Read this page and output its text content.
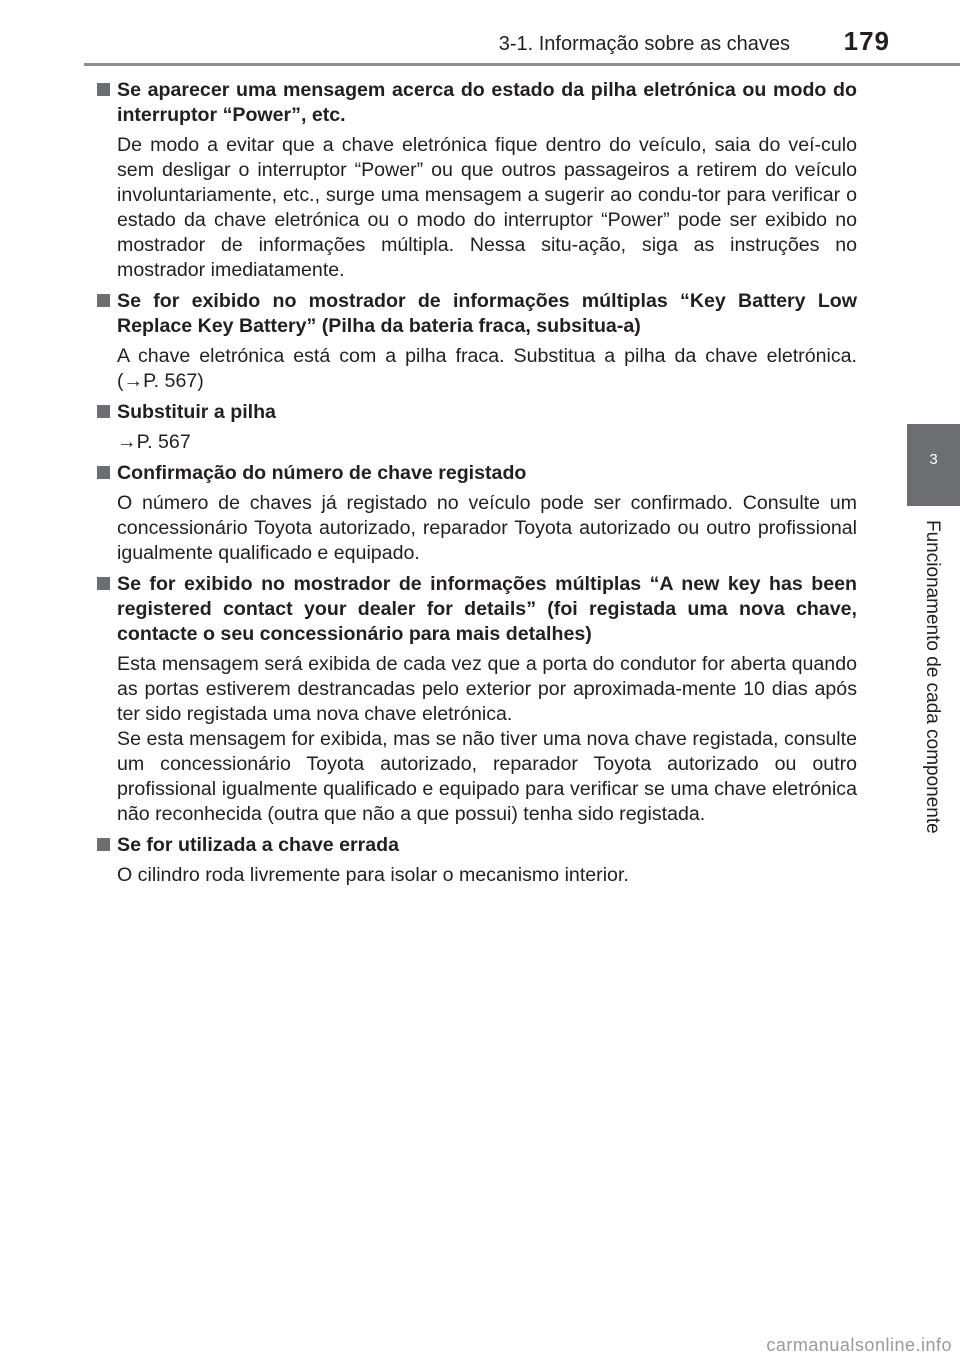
3-1. Informação sobre as chaves 179
3
Funcionamento de cada componente
Se aparecer uma mensagem acerca do estado da pilha eletrónica ou modo do interruptor “Power”, etc.

De modo a evitar que a chave eletrónica fique dentro do veículo, saia do veí-culo sem desligar o interruptor “Power” ou que outros passageiros a retirem do veículo involuntariamente, etc., surge uma mensagem a sugerir ao condu-tor para verificar o estado da chave eletrónica ou o modo do interruptor “Power” pode ser exibido no mostrador de informações múltipla. Nessa situ-ação, siga as instruções no mostrador imediatamente.

Se for exibido no mostrador de informações múltiplas “Key Battery Low Replace Key Battery” (Pilha da bateria fraca, subsitua-a)

A chave eletrónica está com a pilha fraca. Substitua a pilha da chave eletrónica. (→P. 567)

Substituir a pilha

→P. 567

Confirmação do número de chave registado

O número de chaves já registado no veículo pode ser confirmado. Consulte um concessionário Toyota autorizado, reparador Toyota autorizado ou outro profissional igualmente qualificado e equipado.

Se for exibido no mostrador de informações múltiplas “A new key has been registered contact your dealer for details” (foi registada uma nova chave, contacte o seu concessionário para mais detalhes)

Esta mensagem será exibida de cada vez que a porta do condutor for aberta quando as portas estiverem destrancadas pelo exterior por aproximada-mente 10 dias após ter sido registada uma nova chave eletrónica.

Se esta mensagem for exibida, mas se não tiver uma nova chave registada, consulte um concessionário Toyota autorizado, reparador Toyota autorizado ou outro profissional igualmente qualificado e equipado para verificar se uma chave eletrónica não reconhecida (outra que não a que possui) tenha sido registada.

Se for utilizada a chave errada

O cilindro roda livremente para isolar o mecanismo interior.

carmanualsonline.info
